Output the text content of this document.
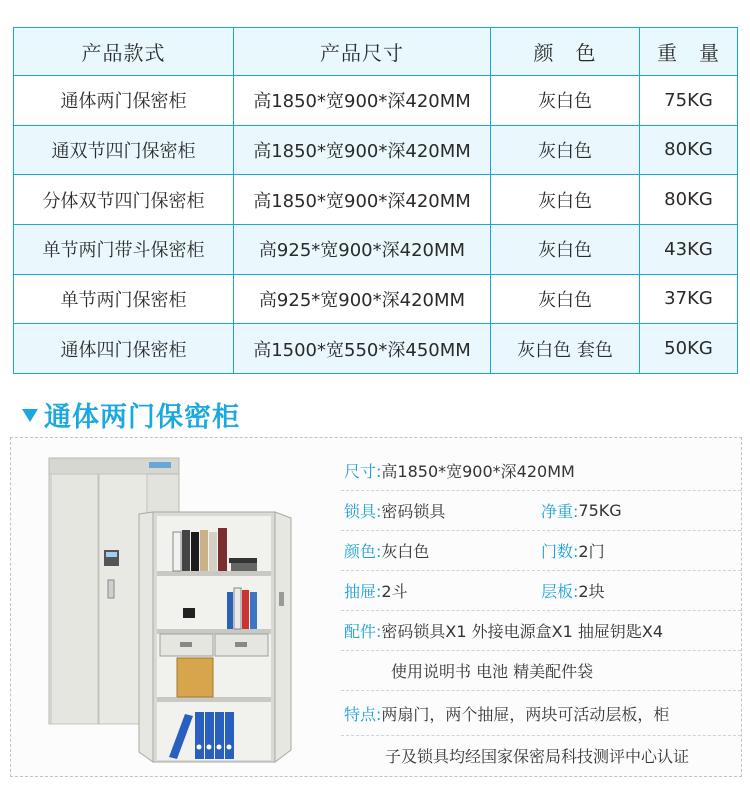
产品款式	产品尺寸	颜　色	重　量
通体两门保密柜	高1850*宽900*深420MM	灰白色	75KG
通双节四门保密柜	高1850*宽900*深420MM	灰白色	80KG
分体双节四门保密柜	高1850*宽900*深420MM	灰白色	80KG
单节两门带斗保密柜	高925*宽900*深420MM	灰白色	43KG
单节两门保密柜	高925*宽900*深420MM	灰白色	37KG
通体四门保密柜	高1500*宽550*深450MM	灰白色 套色	50KG
通体两门保密柜
尺寸: 高1850*宽900*深420MM
锁具: 密码锁具	净重: 75KG
颜色: 灰白色	门数: 2门
抽屉: 2斗	层板: 2块
配件: 密码锁具X1 外接电源盒X1 抽屉钥匙X4
使用说明书 电池 精美配件袋
特点: 两扇门，两个抽屉，两块可活动层板，柜
子及锁具均经国家保密局科技测评中心认证
